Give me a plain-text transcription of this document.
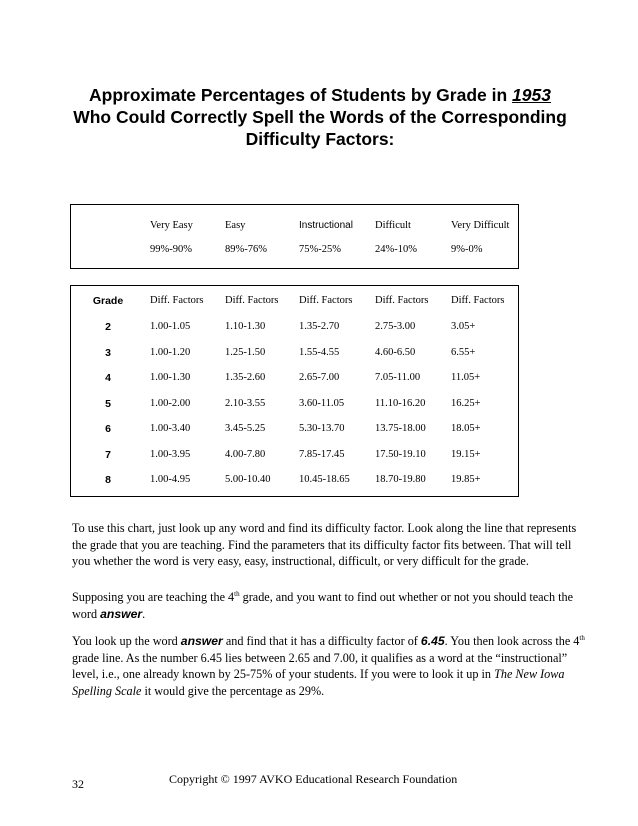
Approximate Percentages of Students by Grade in 1953
Who Could Correctly Spell the Words of the Corresponding
Difficulty Factors:
Very Easy	Easy	Instructional Difficult	Very Difficult
99%-90%	89%-76%	75%-25%	24%-10%	9%-0%
Grade	Diff. Factors Diff. Factors Diff. Factors Diff. Factors Diff. Factors
2	1.00-1.05	1.10-1.30	1.35-2.70	2.75-3.00	3.05+
3	1.00-1.20	1.25-1.50	1.55-4.55	4.60-6.50	6.55+
4	1.00-1.30	1.35-2.60	2.65-7.00	7.05-11.00	11.05+
5	1.00-2.00	2.10-3.55	3.60-11.05	11.10-16.20 16.25+
6	1.00-3.40	3.45-5.25	5.30-13.70	13.75-18.00 18.05+
7	1.00-3.95	4.00-7.80	7.85-17.45	17.50-19.10 19.15+
8	1.00-4.95	5.00-10.40	10.45-18.65 18.70-19.80 19.85+

To use this chart, just look up any word and find its difficulty factor. Look along the line that represents the grade that you are teaching. Find the parameters that its difficulty factor fits between. That will tell you whether the word is very easy, easy, instructional, difficult, or very difficult for the grade.

Supposing you are teaching the 4th grade, and you want to find out whether or not you should teach the word answer.

You look up the word answer and find that it has a difficulty factor of 6.45. You then look across the 4th grade line. As the number 6.45 lies between 2.65 and 7.00, it qualifies as a word at the “instructional” level, i.e., one already known by 25-75% of your students. If you were to look it up in The New Iowa Spelling Scale it would give the percentage as 29%.

32	Copyright © 1997 AVKO Educational Research Foundation
